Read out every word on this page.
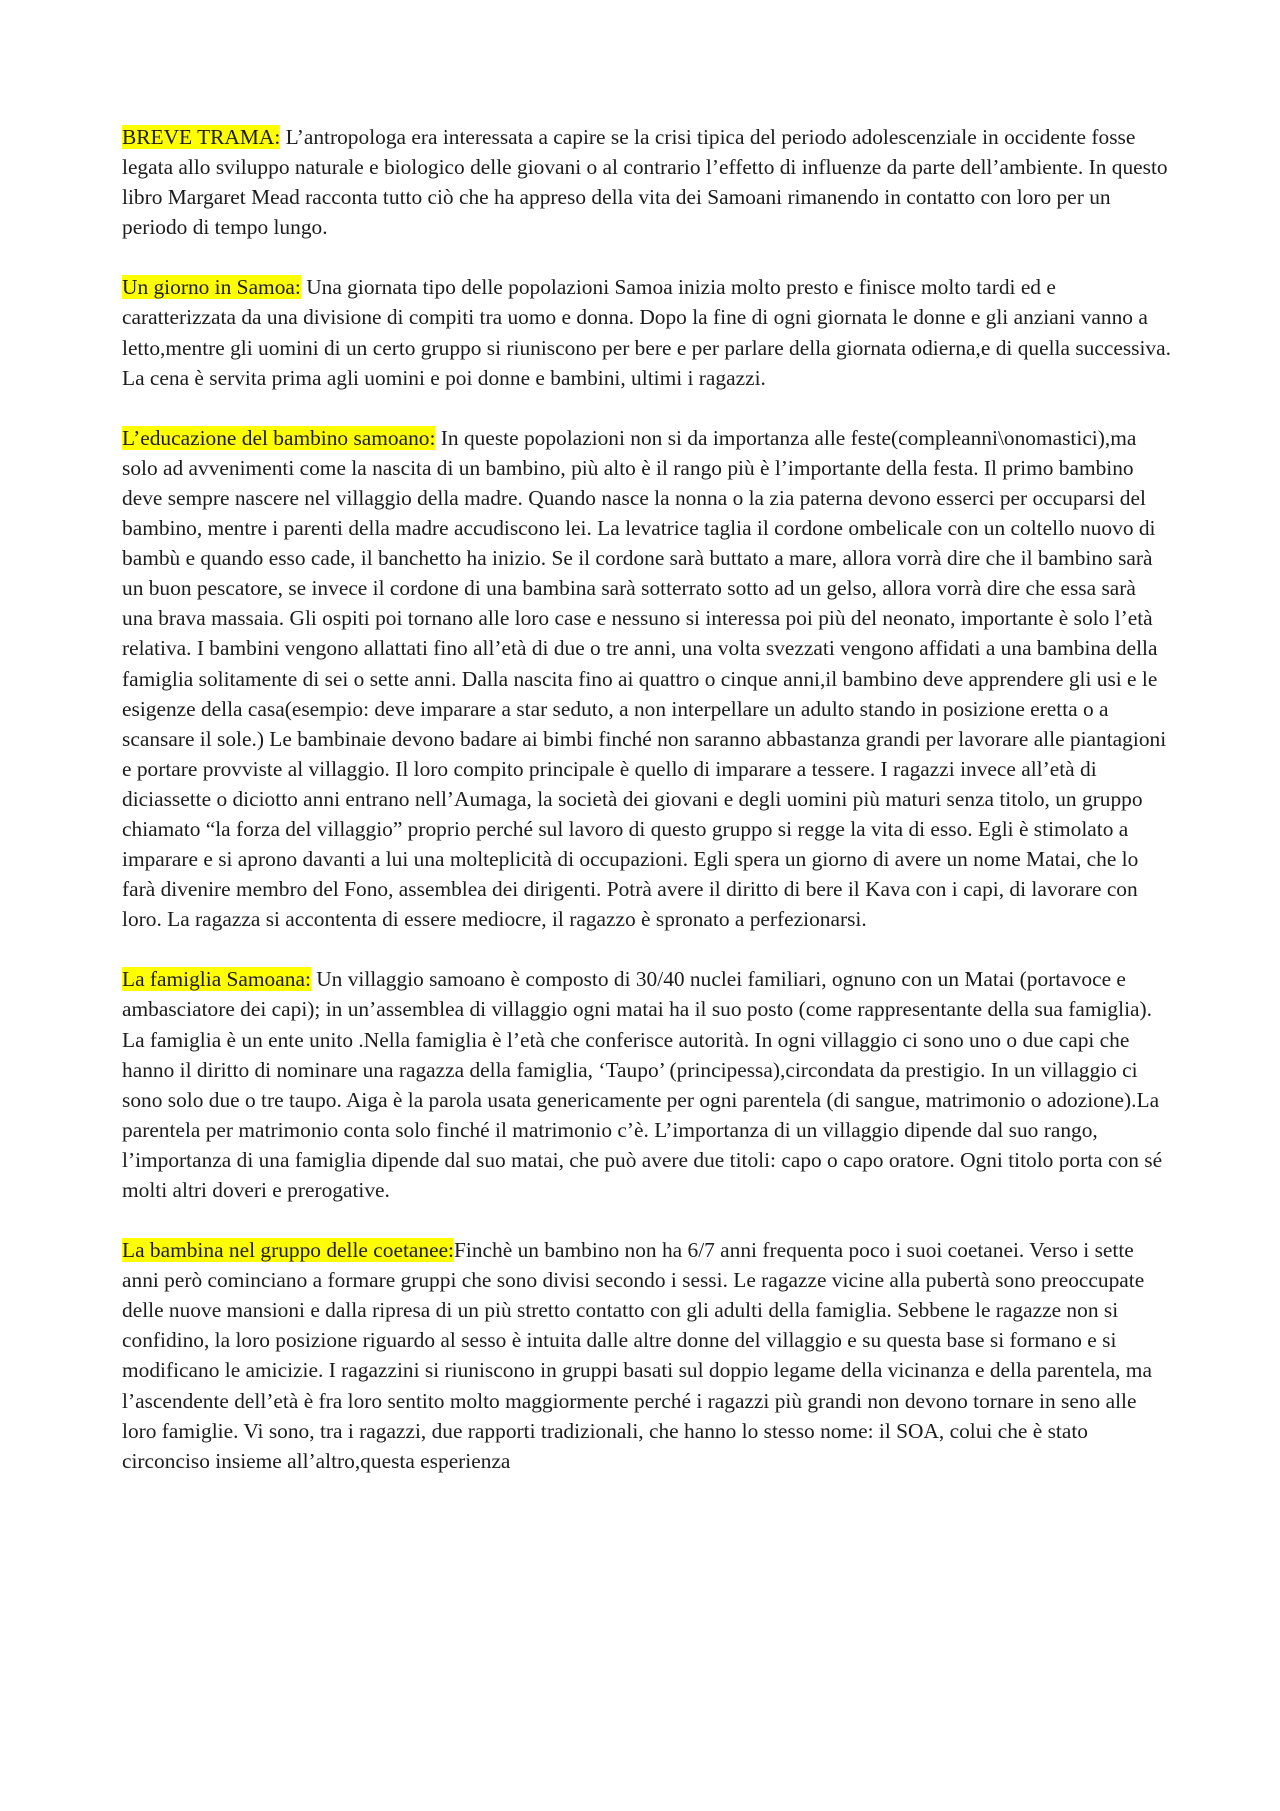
BREVE TRAMA: L’antropologa era interessata a capire se la crisi tipica del periodo adolescenziale in occidente fosse legata allo sviluppo naturale e biologico delle giovani o al contrario l’effetto di influenze da parte dell’ambiente. In questo libro Margaret Mead racconta tutto ciò che ha appreso della vita dei Samoani rimanendo in contatto con loro per un periodo di tempo lungo.

Un giorno in Samoa: Una giornata tipo delle popolazioni Samoa inizia molto presto e finisce molto tardi ed e caratterizzata da una divisione di compiti tra uomo e donna. Dopo la fine di ogni giornata le donne e gli anziani vanno a letto,mentre gli uomini di un certo gruppo si riuniscono per bere e per parlare della giornata odierna,e di quella successiva. La cena è servita prima agli uomini e poi donne e bambini, ultimi i ragazzi.

L’educazione del bambino samoano: In queste popolazioni non si da importanza alle feste(compleanni\onomastici),ma solo ad avvenimenti come la nascita di un bambino, più alto è il rango più è l’importante della festa. Il primo bambino deve sempre nascere nel villaggio della madre. Quando nasce la nonna o la zia paterna devono esserci per occuparsi del bambino, mentre i parenti della madre accudiscono lei. La levatrice taglia il cordone ombelicale con un coltello nuovo di bambù e quando esso cade, il banchetto ha inizio. Se il cordone sarà buttato a mare, allora vorrà dire che il bambino sarà un buon pescatore, se invece il cordone di una bambina sarà sotterrato sotto ad un gelso, allora vorrà dire che essa sarà una brava massaia. Gli ospiti poi tornano alle loro case e nessuno si interessa poi più del neonato, importante è solo l’età relativa. I bambini vengono allattati fino all’età di due o tre anni, una volta svezzati vengono affidati a una bambina della famiglia solitamente di sei o sette anni. Dalla nascita fino ai quattro o cinque anni,il bambino deve apprendere gli usi e le esigenze della casa(esempio: deve imparare a star seduto, a non interpellare un adulto stando in posizione eretta o a scansare il sole.) Le bambinaie devono badare ai bimbi finché non saranno abbastanza grandi per lavorare alle piantagioni e portare provviste al villaggio. Il loro compito principale è quello di imparare a tessere. I ragazzi invece all’età di diciassette o diciotto anni entrano nell’Aumaga, la società dei giovani e degli uomini più maturi senza titolo, un gruppo chiamato “la forza del villaggio” proprio perché sul lavoro di questo gruppo si regge la vita di esso. Egli è stimolato a imparare e si aprono davanti a lui una molteplicità di occupazioni. Egli spera un giorno di avere un nome Matai, che lo farà divenire membro del Fono, assemblea dei dirigenti. Potrà avere il diritto di bere il Kava con i capi, di lavorare con loro. La ragazza si accontenta di essere mediocre, il ragazzo è spronato a perfezionarsi.

La famiglia Samoana: Un villaggio samoano è composto di 30/40 nuclei familiari, ognuno con un Matai (portavoce e ambasciatore dei capi); in un’assemblea di villaggio ogni matai ha il suo posto (come rappresentante della sua famiglia). La famiglia è un ente unito .Nella famiglia è l’età che conferisce autorità. In ogni villaggio ci sono uno o due capi che hanno il diritto di nominare una ragazza della famiglia, ‘Taupo’ (principessa),circondata da prestigio. In un villaggio ci sono solo due o tre taupo. Aiga è la parola usata genericamente per ogni parentela (di sangue, matrimonio o adozione).La parentela per matrimonio conta solo finché il matrimonio c’è. L’importanza di un villaggio dipende dal suo rango, l’importanza di una famiglia dipende dal suo matai, che può avere due titoli: capo o capo oratore. Ogni titolo porta con sé molti altri doveri e prerogative.

La bambina nel gruppo delle coetanee:Finchè un bambino non ha 6/7 anni frequenta poco i suoi coetanei. Verso i sette anni però cominciano a formare gruppi che sono divisi secondo i sessi. Le ragazze vicine alla pubertà sono preoccupate delle nuove mansioni e dalla ripresa di un più stretto contatto con gli adulti della famiglia. Sebbene le ragazze non si confidino, la loro posizione riguardo al sesso è intuita dalle altre donne del villaggio e su questa base si formano e si modificano le amicizie. I ragazzini si riuniscono in gruppi basati sul doppio legame della vicinanza e della parentela, ma l’ascendente dell’età è fra loro sentito molto maggiormente perché i ragazzi più grandi non devono tornare in seno alle loro famiglie. Vi sono, tra i ragazzi, due rapporti tradizionali, che hanno lo stesso nome: il SOA, colui che è stato circonciso insieme all’altro,questa esperienza
